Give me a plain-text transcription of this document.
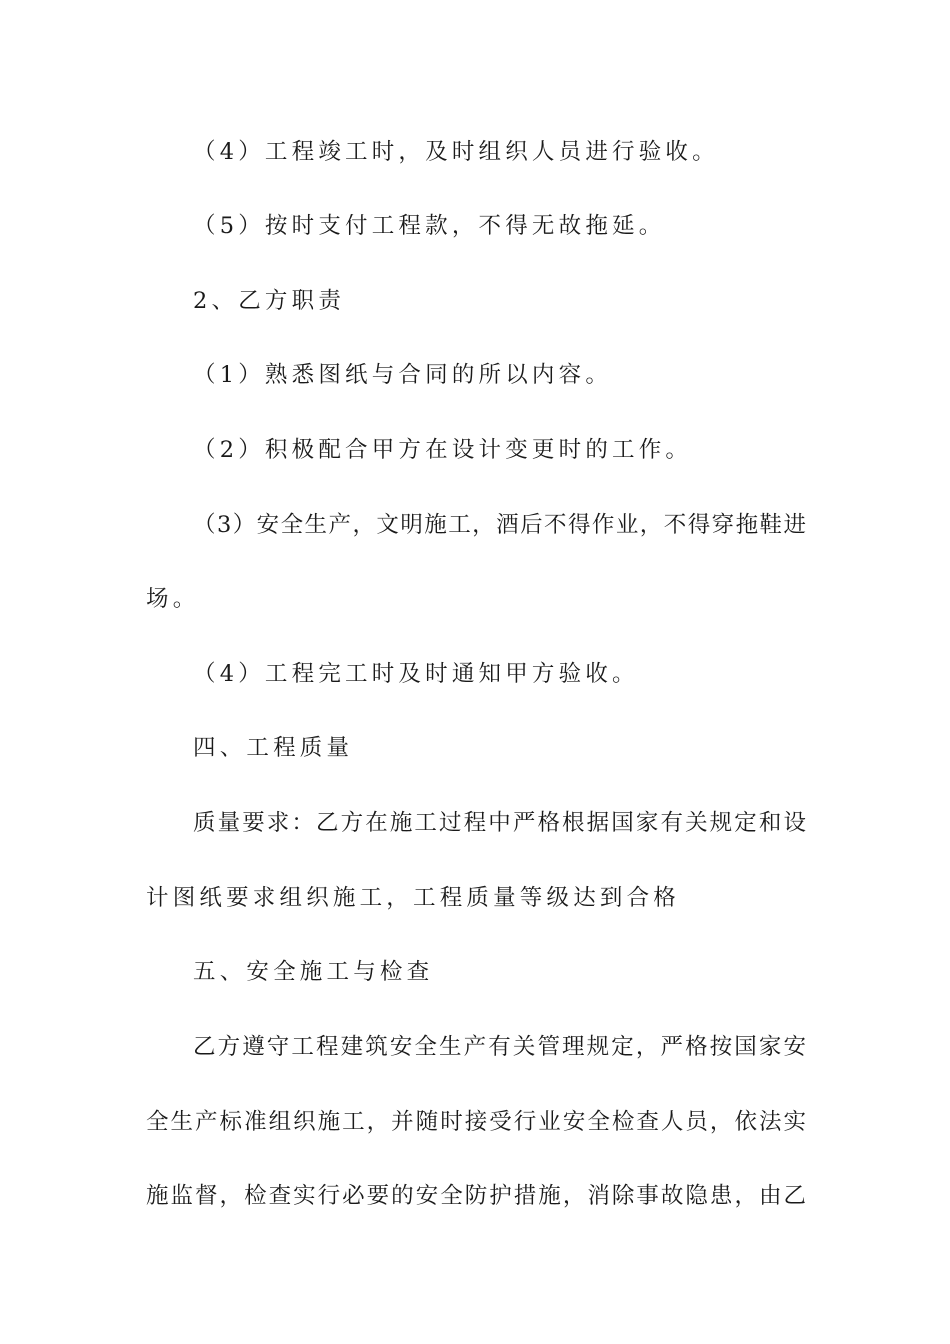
（4）工程竣工时，及时组织人员进行验收。
（5）按时支付工程款，不得无故拖延。
2、乙方职责
（1）熟悉图纸与合同的所以内容。
（2）积极配合甲方在设计变更时的工作。
（3）安全生产，文明施工，酒后不得作业，不得穿拖鞋进
场。
（4）工程完工时及时通知甲方验收。
四、工程质量
质量要求：乙方在施工过程中严格根据国家有关规定和设
计图纸要求组织施工，工程质量等级达到合格
五、安全施工与检查
乙方遵守工程建筑安全生产有关管理规定，严格按国家安
全生产标准组织施工，并随时接受行业安全检查人员，依法实
施监督，检查实行必要的安全防护措施，消除事故隐患，由乙
